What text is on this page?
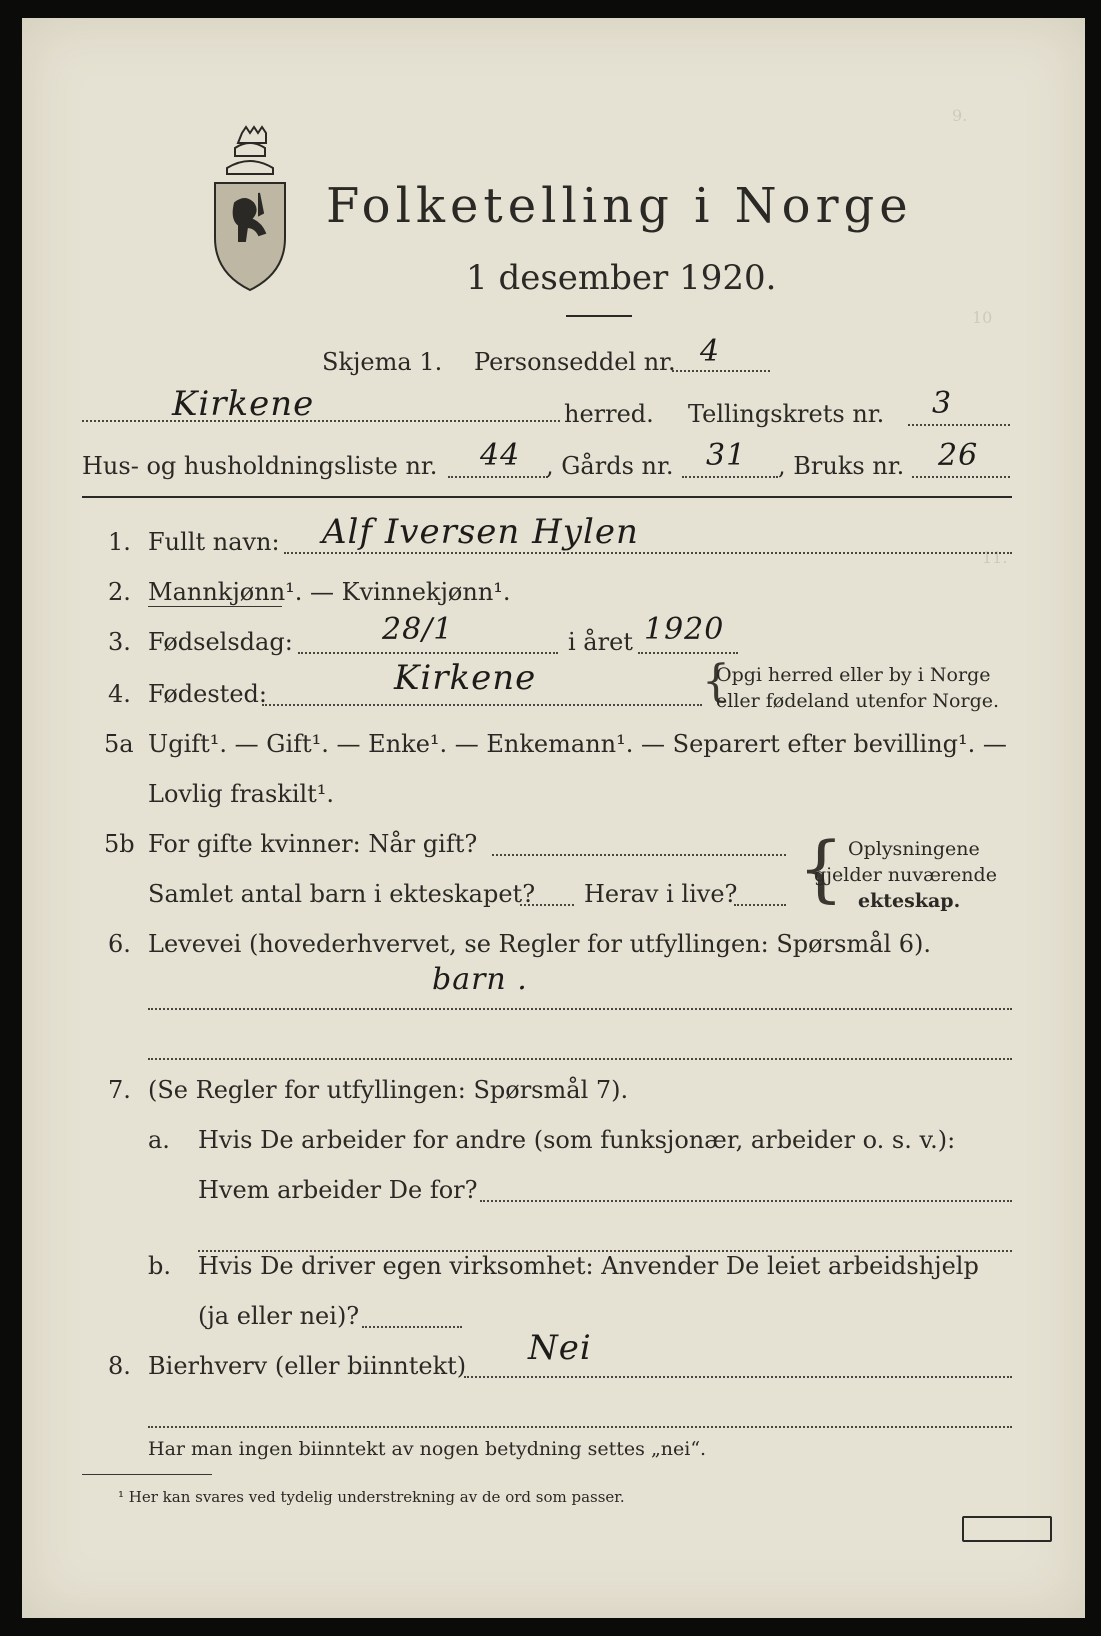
9.
10
11.
Folketelling i Norge
1 desember 1920.
Skjema 1. Personseddel nr. 4
Kirkene	herred. Tellingskrets nr. 3
Hus- og husholdningsliste nr. 44 , Gårds nr. 31 , Bruks nr. 26
1. Fullt navn: Alf Iversen Hylen
2. Mannkjønn¹. — Kvinnekjønn¹.
3. Fødselsdag:	28/1	i året 1920
4. Fødested:	Kirkene	{
Opgi herred eller by i Norge
eller fødeland utenfor Norge.
5a Ugift¹. — Gift¹. — Enke¹. — Enkemann¹. — Separert efter bevilling¹. —
Lovlig fraskilt¹.
5b For gifte kvinner: Når gift?
Samlet antal barn i ekteskapet? Herav i live? { Oplysningene
gjelder nuværende
ekteskap.
6. Levevei (hovederhvervet, se Regler for utfyllingen: Spørsmål 6).
barn .
7. (Se Regler for utfyllingen: Spørsmål 7).
a. Hvis De arbeider for andre (som funksjonær, arbeider o. s. v.):
Hvem arbeider De for?
b. Hvis De driver egen virksomhet: Anvender De leiet arbeidshjelp
(ja eller nei)?
8. Bierhverv (eller biinntekt) Nei
Har man ingen biinntekt av nogen betydning settes „nei“.
¹ Her kan svares ved tydelig understrekning av de ord som passer.
